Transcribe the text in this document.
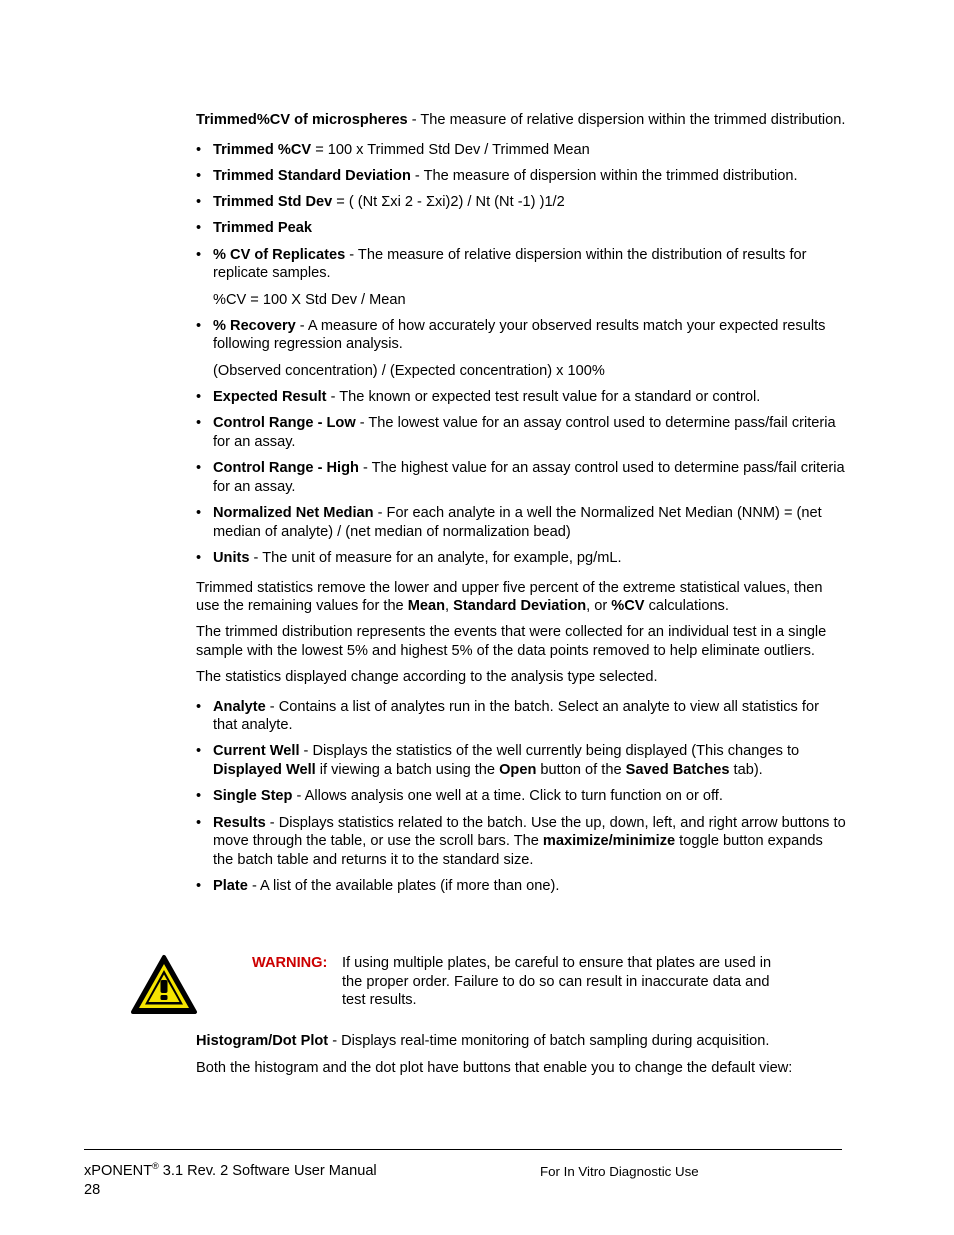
Trimmed%CV of microspheres - The measure of relative dispersion within the trimmed distribution.

• Trimmed %CV = 100 x Trimmed Std Dev / Trimmed Mean
• Trimmed Standard Deviation - The measure of dispersion within the trimmed distribution.
• Trimmed Std Dev = ( (Nt Σxi 2 - Σxi)2) / Nt (Nt -1) )1/2
• Trimmed Peak
• % CV of Replicates - The measure of relative dispersion within the distribution of results for replicate samples.

%CV = 100 X Std Dev / Mean

• % Recovery - A measure of how accurately your observed results match your expected results following regression analysis.

(Observed concentration) / (Expected concentration) x 100%

• Expected Result - The known or expected test result value for a standard or control.
• Control Range - Low - The lowest value for an assay control used to determine pass/fail criteria for an assay.
• Control Range - High - The highest value for an assay control used to determine pass/fail criteria for an assay.
• Normalized Net Median - For each analyte in a well the Normalized Net Median (NNM) = (net median of analyte) / (net median of normalization bead)
• Units - The unit of measure for an analyte, for example, pg/mL.

Trimmed statistics remove the lower and upper five percent of the extreme statistical values, then use the remaining values for the Mean, Standard Deviation, or %CV calculations.

The trimmed distribution represents the events that were collected for an individual test in a single sample with the lowest 5% and highest 5% of the data points removed to help eliminate outliers.

The statistics displayed change according to the analysis type selected.

• Analyte - Contains a list of analytes run in the batch. Select an analyte to view all statistics for that analyte.
• Current Well - Displays the statistics of the well currently being displayed (This changes to Displayed Well if viewing a batch using the Open button of the Saved Batches tab).
• Single Step - Allows analysis one well at a time. Click to turn function on or off.
• Results - Displays statistics related to the batch. Use the up, down, left, and right arrow buttons to move through the table, or use the scroll bars. The maximize/minimize toggle button expands the batch table and returns it to the standard size.
• Plate - A list of the available plates (if more than one).
WARNING: If using multiple plates, be careful to ensure that plates are used in the proper order. Failure to do so can result in inaccurate data and test results.

Histogram/Dot Plot - Displays real-time monitoring of batch sampling during acquisition.

Both the histogram and the dot plot have buttons that enable you to change the default view:

xPONENT® 3.1 Rev. 2 Software User Manual
28
For In Vitro Diagnostic Use
